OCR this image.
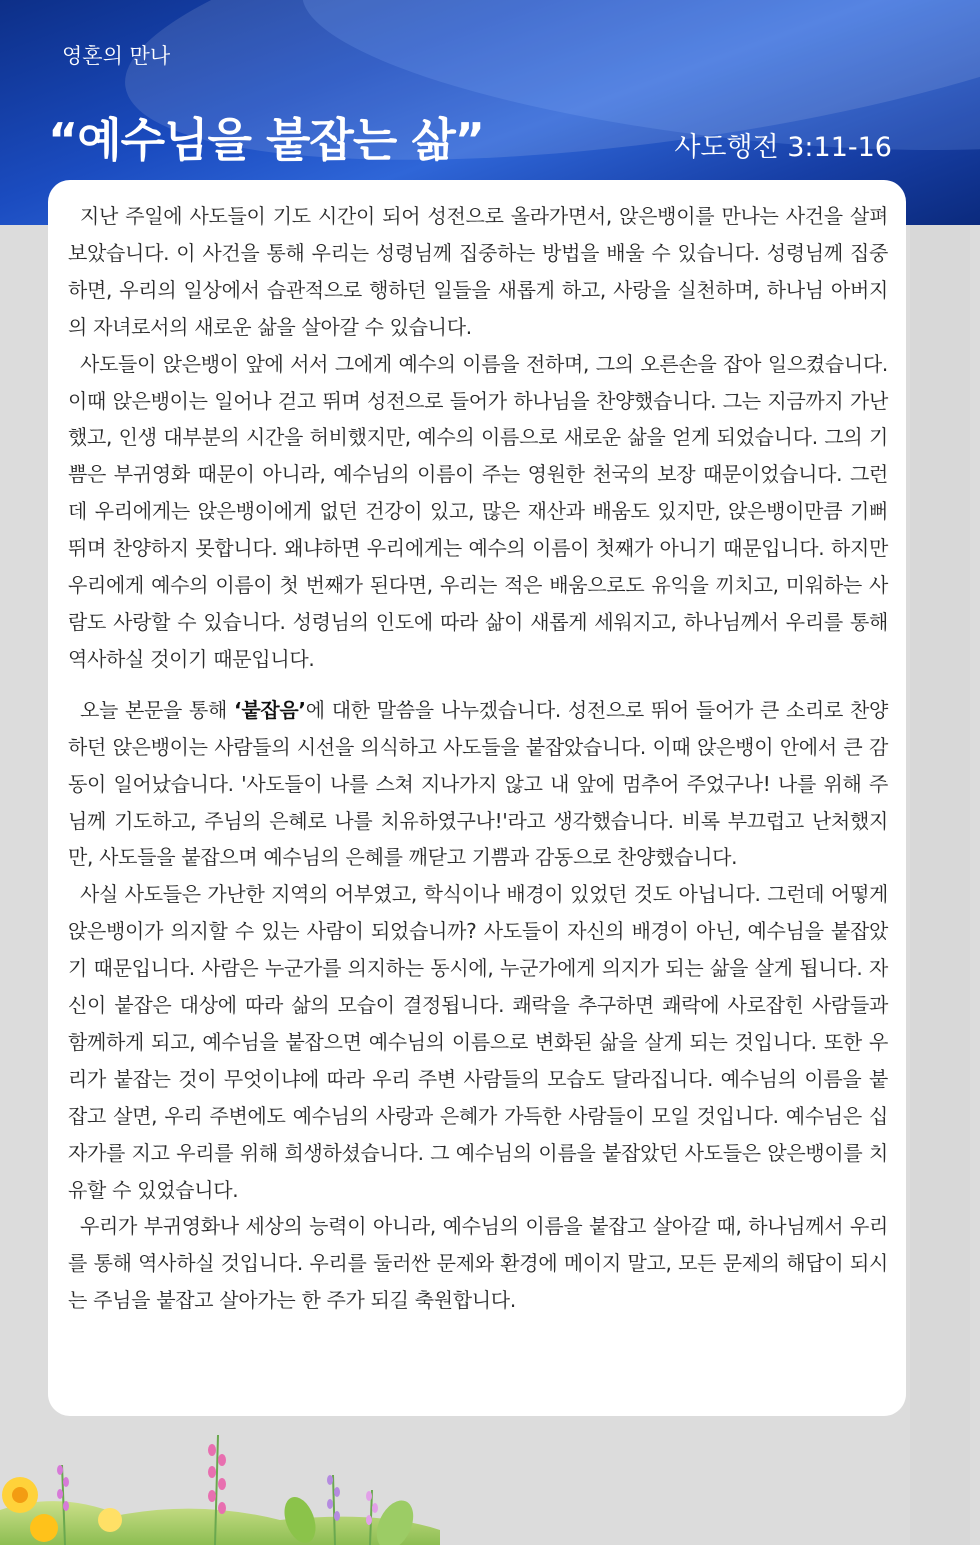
영혼의 만나
“예수님을 붙잡는 삶”	사도행전 3:11-16

지난 주일에 사도들이 기도 시간이 되어 성전으로 올라가면서, 앉은뱅이를 만나는 사건을 살펴보았습니다. 이 사건을 통해 우리는 성령님께 집중하는 방법을 배울 수 있습니다. 성령님께 집중하면, 우리의 일상에서 습관적으로 행하던 일들을 새롭게 하고, 사랑을 실천하며, 하나님 아버지의 자녀로서의 새로운 삶을 살아갈 수 있습니다.

사도들이 앉은뱅이 앞에 서서 그에게 예수의 이름을 전하며, 그의 오른손을 잡아 일으켰습니다. 이때 앉은뱅이는 일어나 걷고 뛰며 성전으로 들어가 하나님을 찬양했습니다. 그는 지금까지 가난했고, 인생 대부분의 시간을 허비했지만, 예수의 이름으로 새로운 삶을 얻게 되었습니다. 그의 기쁨은 부귀영화 때문이 아니라, 예수님의 이름이 주는 영원한 천국의 보장 때문이었습니다. 그런데 우리에게는 앉은뱅이에게 없던 건강이 있고, 많은 재산과 배움도 있지만, 앉은뱅이만큼 기뻐 뛰며 찬양하지 못합니다. 왜냐하면 우리에게는 예수의 이름이 첫째가 아니기 때문입니다. 하지만 우리에게 예수의 이름이 첫 번째가 된다면, 우리는 적은 배움으로도 유익을 끼치고, 미워하는 사람도 사랑할 수 있습니다. 성령님의 인도에 따라 삶이 새롭게 세워지고, 하나님께서 우리를 통해 역사하실 것이기 때문입니다.

오늘 본문을 통해 ‘붙잡음’에 대한 말씀을 나누겠습니다. 성전으로 뛰어 들어가 큰 소리로 찬양하던 앉은뱅이는 사람들의 시선을 의식하고 사도들을 붙잡았습니다. 이때 앉은뱅이 안에서 큰 감동이 일어났습니다. '사도들이 나를 스쳐 지나가지 않고 내 앞에 멈추어 주었구나! 나를 위해 주님께 기도하고, 주님의 은혜로 나를 치유하였구나!'라고 생각했습니다. 비록 부끄럽고 난처했지만, 사도들을 붙잡으며 예수님의 은혜를 깨닫고 기쁨과 감동으로 찬양했습니다.

사실 사도들은 가난한 지역의 어부였고, 학식이나 배경이 있었던 것도 아닙니다. 그런데 어떻게 앉은뱅이가 의지할 수 있는 사람이 되었습니까? 사도들이 자신의 배경이 아닌, 예수님을 붙잡았기 때문입니다. 사람은 누군가를 의지하는 동시에, 누군가에게 의지가 되는 삶을 살게 됩니다. 자신이 붙잡은 대상에 따라 삶의 모습이 결정됩니다. 쾌락을 추구하면 쾌락에 사로잡힌 사람들과 함께하게 되고, 예수님을 붙잡으면 예수님의 이름으로 변화된 삶을 살게 되는 것입니다. 또한 우리가 붙잡는 것이 무엇이냐에 따라 우리 주변 사람들의 모습도 달라집니다. 예수님의 이름을 붙잡고 살면, 우리 주변에도 예수님의 사랑과 은혜가 가득한 사람들이 모일 것입니다. 예수님은 십자가를 지고 우리를 위해 희생하셨습니다. 그 예수님의 이름을 붙잡았던 사도들은 앉은뱅이를 치유할 수 있었습니다.

우리가 부귀영화나 세상의 능력이 아니라, 예수님의 이름을 붙잡고 살아갈 때, 하나님께서 우리를 통해 역사하실 것입니다. 우리를 둘러싼 문제와 환경에 메이지 말고, 모든 문제의 해답이 되시는 주님을 붙잡고 살아가는 한 주가 되길 축원합니다.
